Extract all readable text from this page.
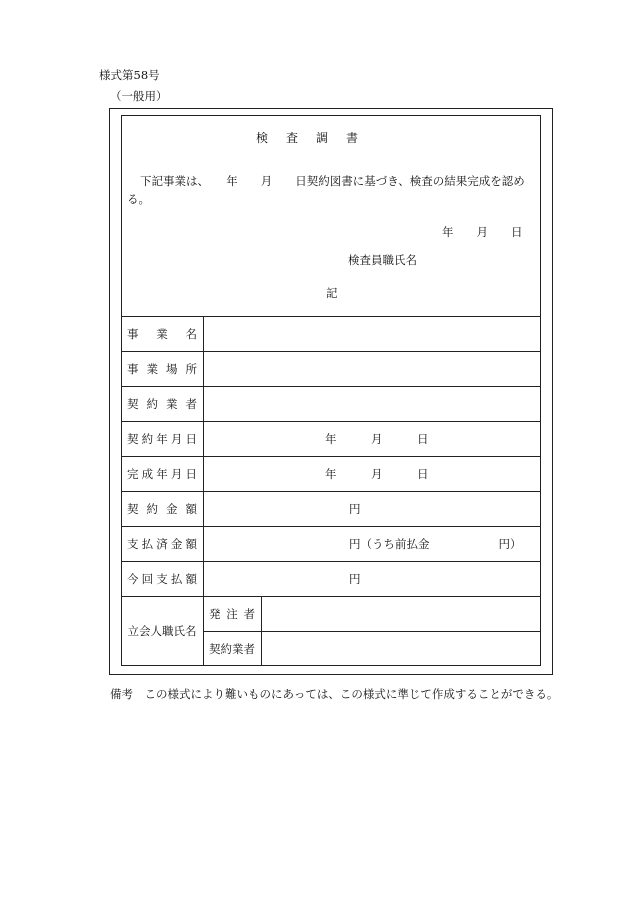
様式第58号
（一般用）
検　査　調　書
下記事業は、　　年　　月　　日契約図書に基づき、検査の結果完成を認め
る。
年　　月　　日
検査員職氏名
記
事業名
事業場所
契約業者
契約年月日
完成年月日
契約金額
支払済金額
今回支払額
立会人職氏名
発注者
契約業者
年　　　月　　　日
年　　　月　　　日
円
円（うち前払金　　　　　　円）
円
備考　この様式により難いものにあっては、この様式に準じて作成することができる。
